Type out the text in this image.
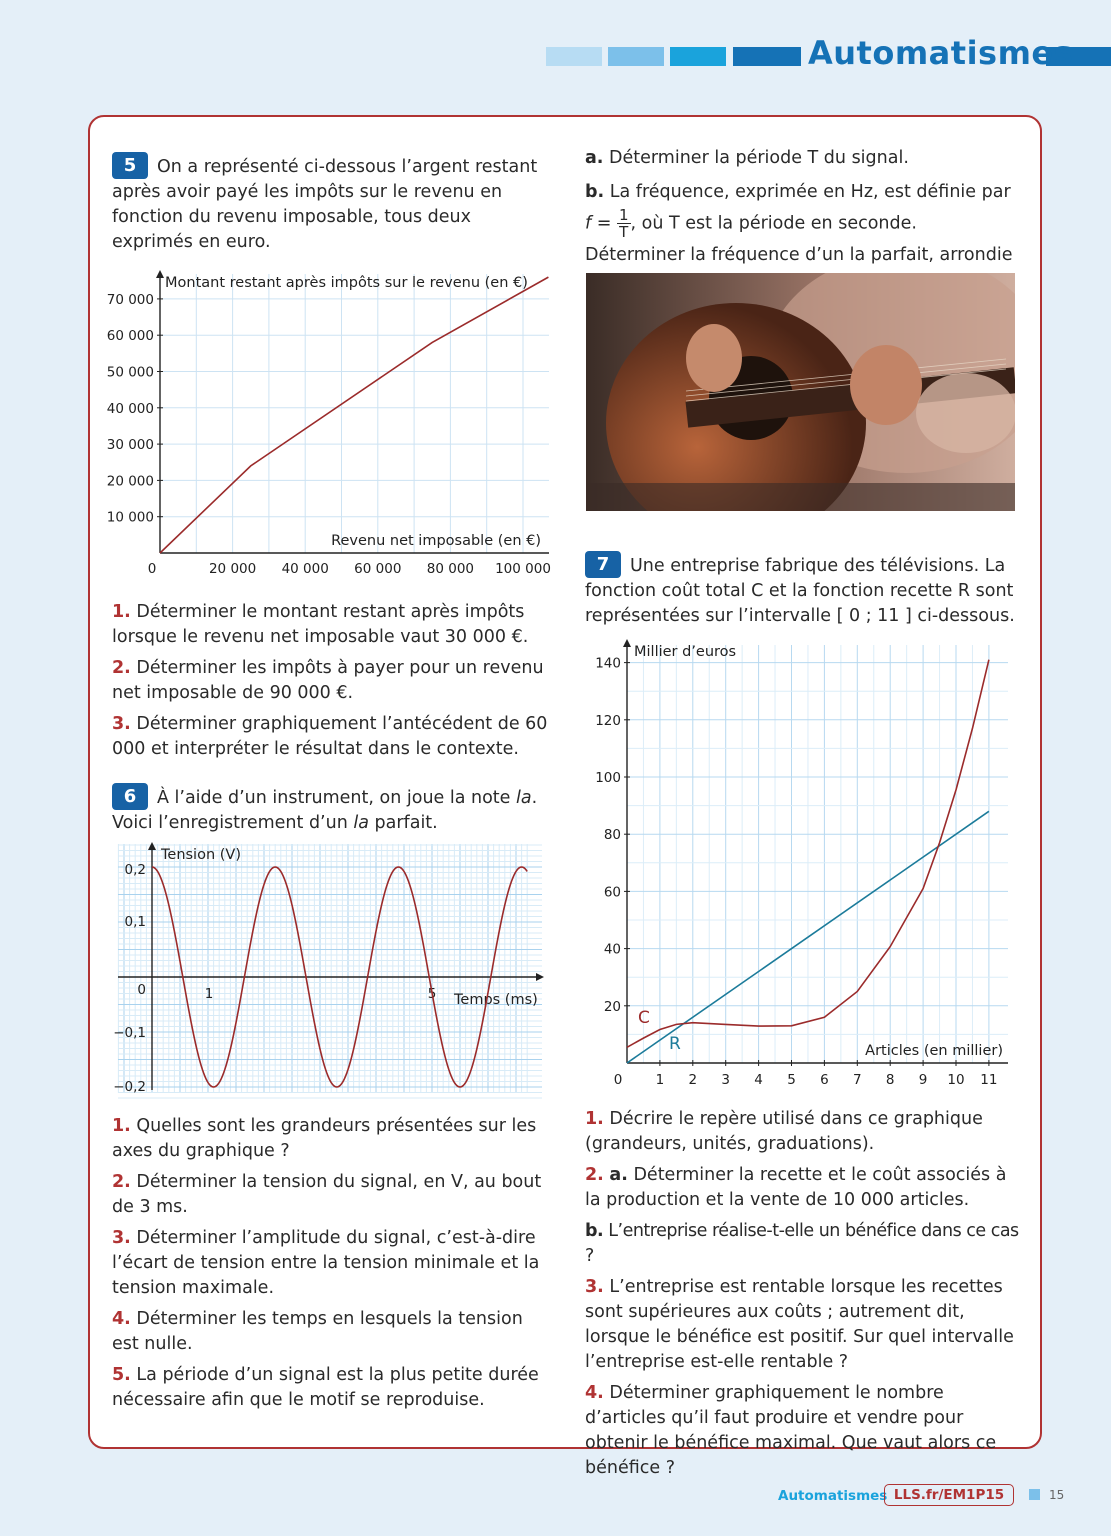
Automatismes

5 On a représenté ci-dessous l’argent restant après avoir payé les impôts sur le revenu en fonction du revenu imposable, tous deux exprimés en euro.

Montant restant après impôts sur le revenu (en €)
Revenu net imposable (en €)
10 000
20 000
30 000
40 000
50 000
60 000
70 000
0	20 000 40 000 60 000 80 000 100 000

1. Déterminer le montant restant après impôts lorsque le revenu net imposable vaut 30 000 €.

2. Déterminer les impôts à payer pour un revenu net imposable de 90 000 €.

3. Déterminer graphiquement l’antécédent de 60 000 et interpréter le résultat dans le contexte.

6 À l’aide d’un instrument, on joue la note la. Voici l’enregistrement d’un la parfait.

Tension (V)
Temps (ms)
0,2
0,1
0
−0,1
−0,2
1	5

1. Quelles sont les grandeurs présentées sur les axes du graphique ?

2. Déterminer la tension du signal, en V, au bout de 3 ms.

3. Déterminer l’amplitude du signal, c’est-à-dire l’écart de tension entre la tension minimale et la tension maximale.

4. Déterminer les temps en lesquels la tension est nulle.

5. La période d’un signal est la plus petite durée nécessaire afin que le motif se reproduise.

a. Déterminer la période T du signal.

b. La fréquence, exprimée en Hz, est définie par
$f = \frac{1}{T}$ , où T est la période en seconde. Déterminer la fréquence d’un la parfait, arrondie

7 Une entreprise fabrique des télévisions. La fonction coût total C et la fonction recette R sont représentées sur l’intervalle [ 0 ; 11 ] ci-dessous.

Millier d’euros
Articles (en millier)
20
40
60
80
100
120
140
0 1 2 3 4 5 6 7 8 9 10 11
C
R

1. Décrire le repère utilisé dans ce graphique (grandeurs, unités, graduations).

2. a. Déterminer la recette et le coût associés à la production et la vente de 10 000 articles.

b. L’entreprise réalise-t-elle un bénéfice dans ce cas ?

3. L’entreprise est rentable lorsque les recettes sont supérieures aux coûts ; autrement dit, lorsque le bénéfice est positif. Sur quel intervalle l’entreprise est-elle rentable ?

4. Déterminer graphiquement le nombre d’articles qu’il faut produire et vendre pour obtenir le bénéfice maximal. Que vaut alors ce bénéfice ?

Automatismes LLS.fr/EM1P15	15
